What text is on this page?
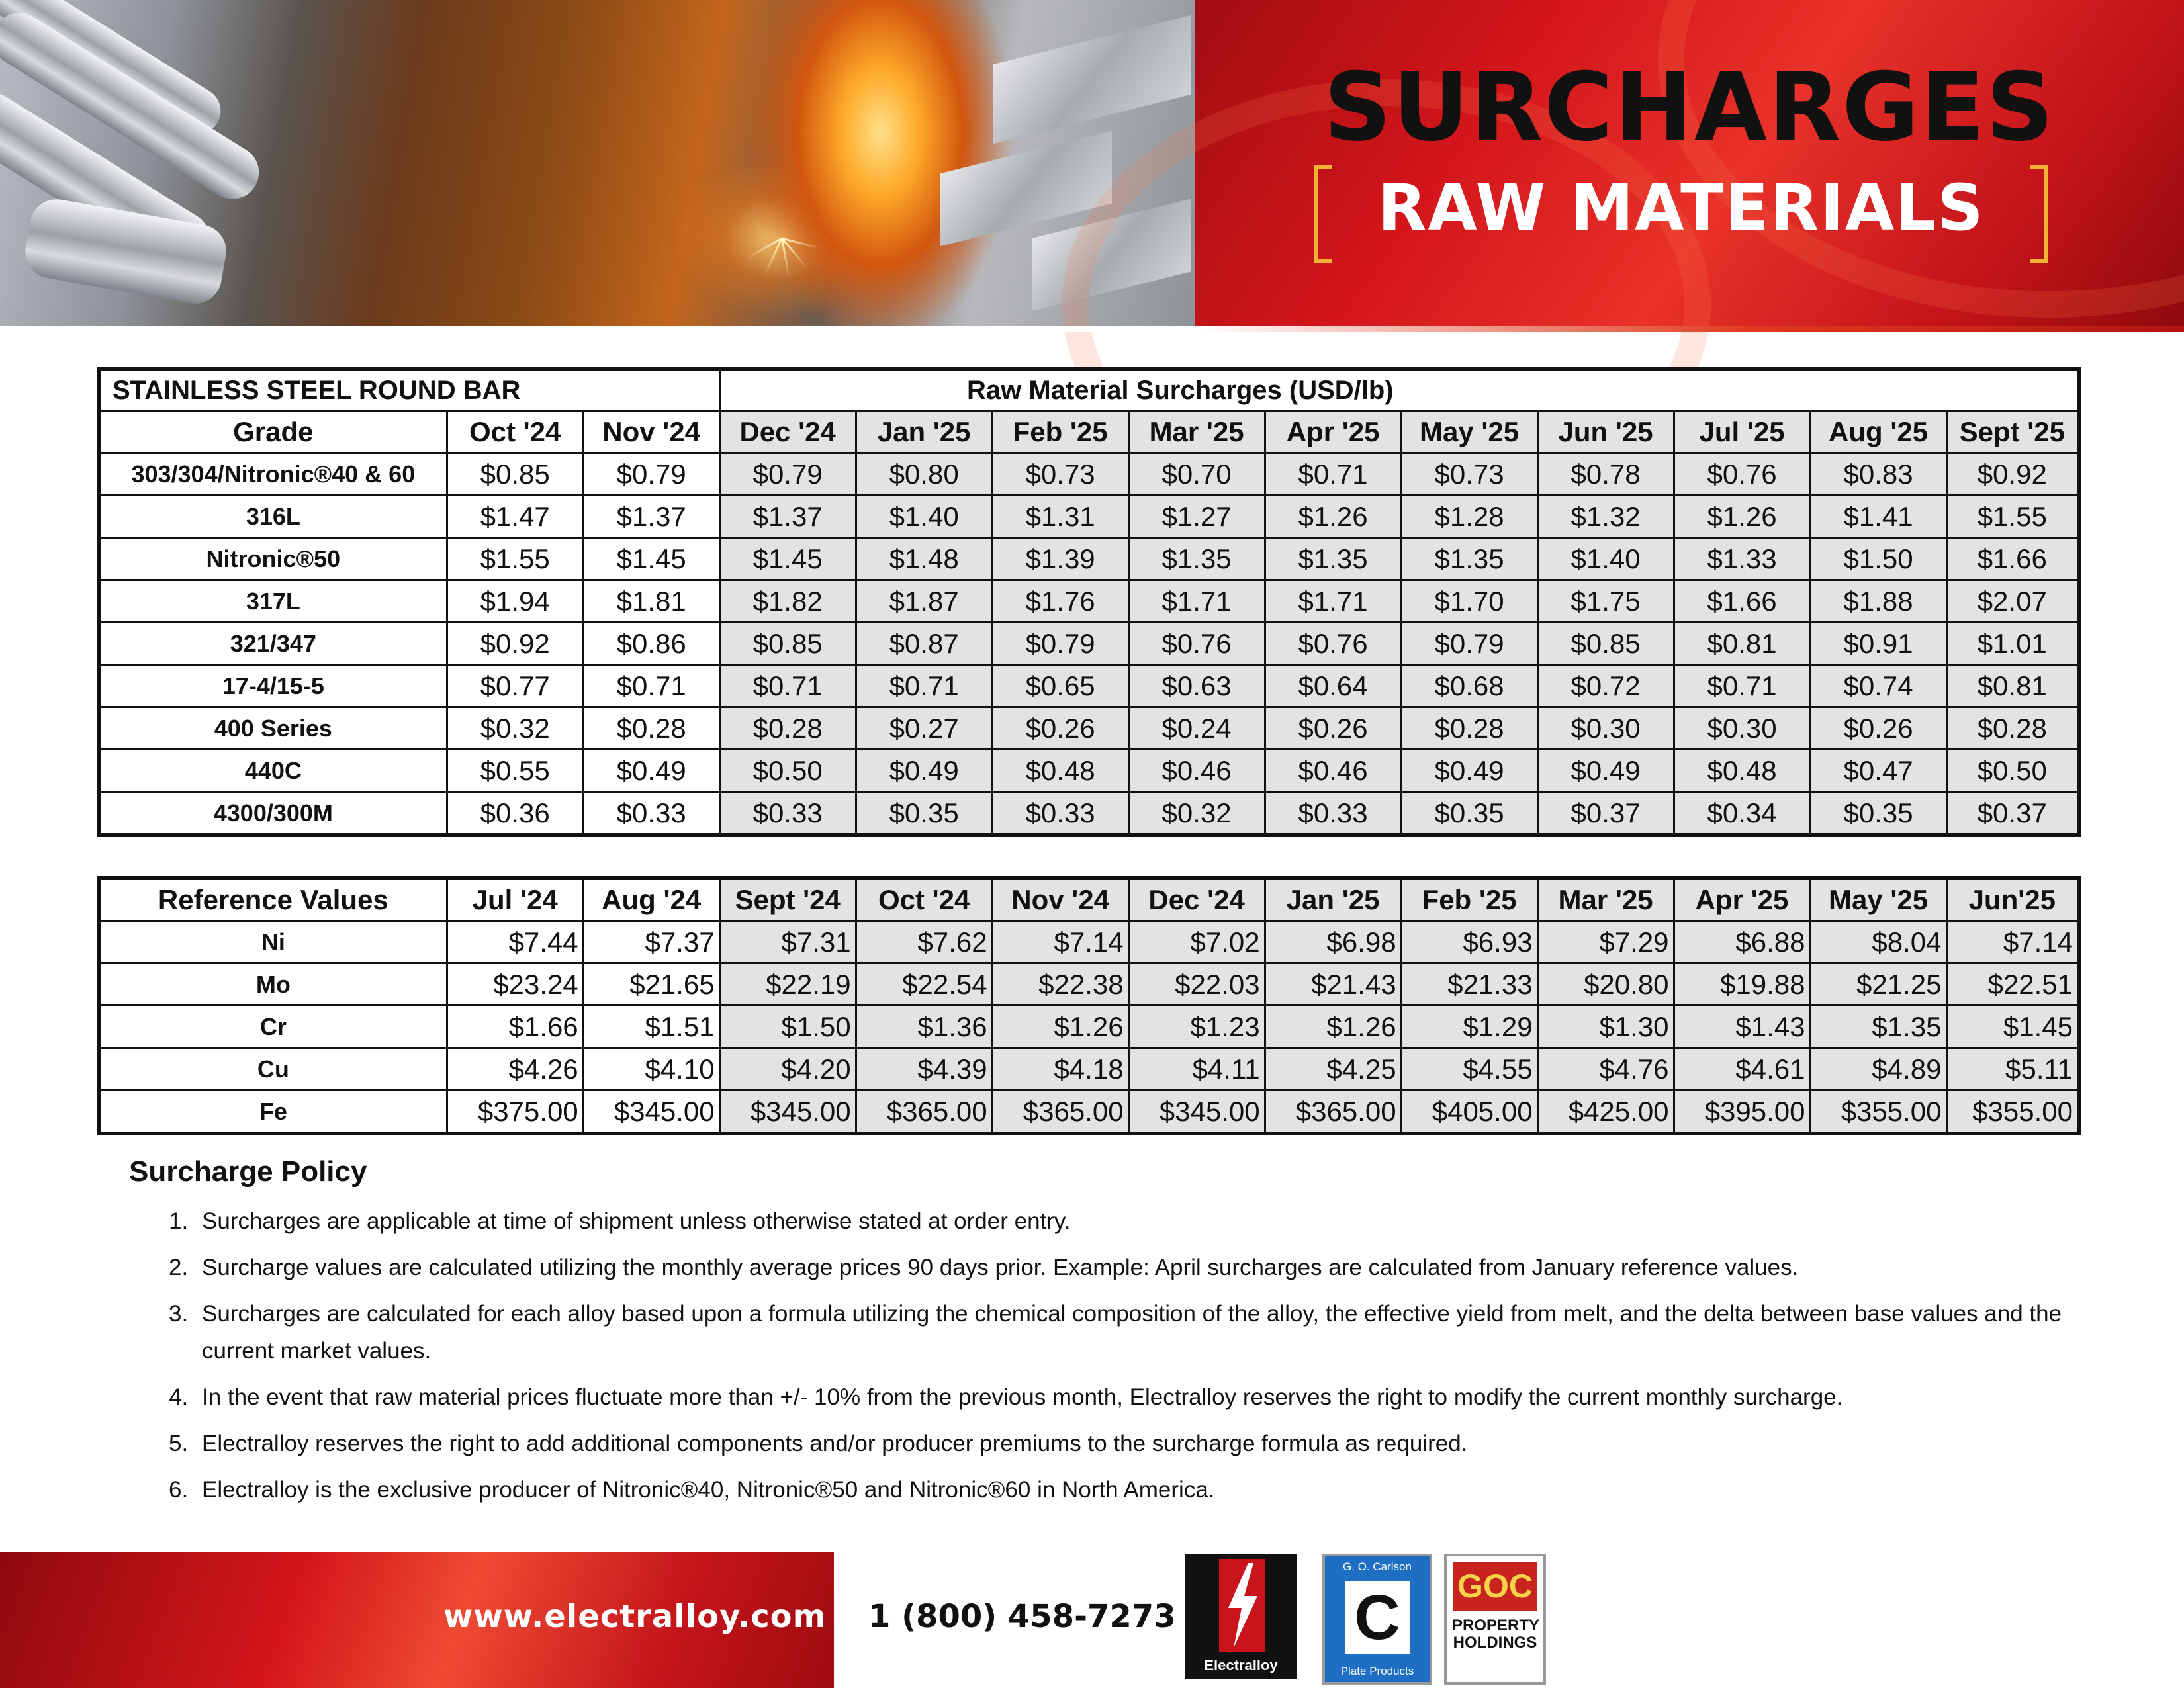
SURCHARGES
RAW MATERIALS
STAINLESS STEEL ROUND BAR			Raw Material Surcharges (USD/lb)									
Grade	Oct '24	Nov '24	Dec '24	Jan '25	Feb '25	Mar '25	Apr '25	May '25	Jun '25	Jul '25	Aug '25	Sept '25
303/304/Nitronic®40 & 60	$0.85	$0.79	$0.79	$0.80	$0.73	$0.70	$0.71	$0.73	$0.78	$0.76	$0.83	$0.92
316L	$1.47	$1.37	$1.37	$1.40	$1.31	$1.27	$1.26	$1.28	$1.32	$1.26	$1.41	$1.55
Nitronic®50	$1.55	$1.45	$1.45	$1.48	$1.39	$1.35	$1.35	$1.35	$1.40	$1.33	$1.50	$1.66
317L	$1.94	$1.81	$1.82	$1.87	$1.76	$1.71	$1.71	$1.70	$1.75	$1.66	$1.88	$2.07
321/347	$0.92	$0.86	$0.85	$0.87	$0.79	$0.76	$0.76	$0.79	$0.85	$0.81	$0.91	$1.01
17-4/15-5	$0.77	$0.71	$0.71	$0.71	$0.65	$0.63	$0.64	$0.68	$0.72	$0.71	$0.74	$0.81
400 Series	$0.32	$0.28	$0.28	$0.27	$0.26	$0.24	$0.26	$0.28	$0.30	$0.30	$0.26	$0.28
440C	$0.55	$0.49	$0.50	$0.49	$0.48	$0.46	$0.46	$0.49	$0.49	$0.48	$0.47	$0.50
4300/300M	$0.36	$0.33	$0.33	$0.35	$0.33	$0.32	$0.33	$0.35	$0.37	$0.34	$0.35	$0.37
Reference Values	Jul '24	Aug '24	Sept '24	Oct '24	Nov '24	Dec '24	Jan '25	Feb '25	Mar '25	Apr '25	May '25	Jun'25
Ni	$7.44	$7.37	$7.31	$7.62	$7.14	$7.02	$6.98	$6.93	$7.29	$6.88	$8.04	$7.14
Mo	$23.24	$21.65	$22.19	$22.54	$22.38	$22.03	$21.43	$21.33	$20.80	$19.88	$21.25	$22.51
Cr	$1.66	$1.51	$1.50	$1.36	$1.26	$1.23	$1.26	$1.29	$1.30	$1.43	$1.35	$1.45
Cu	$4.26	$4.10	$4.20	$4.39	$4.18	$4.11	$4.25	$4.55	$4.76	$4.61	$4.89	$5.11
Fe	$375.00	$345.00	$345.00	$365.00	$365.00	$345.00	$365.00	$405.00	$425.00	$395.00	$355.00	$355.00
Surcharge Policy
1. Surcharges are applicable at time of shipment unless otherwise stated at order entry.
2. Surcharge values are calculated utilizing the monthly average prices 90 days prior. Example: April surcharges are calculated from January reference values.
3. Surcharges are calculated for each alloy based upon a formula utilizing the chemical composition of the alloy, the effective yield from melt, and the delta between base values and the current market values.
4. In the event that raw material prices fluctuate more than +/- 10% from the previous month, Electralloy reserves the right to modify the current monthly surcharge.
5. Electralloy reserves the right to add additional components and/or producer premiums to the surcharge formula as required.
6. Electralloy is the exclusive producer of Nitronic®40, Nitronic®50 and Nitronic®60 in North America.
www.electralloy.com 1 (800) 458-7273
Electralloy
G. O. Carlson
C
Plate Products
GOC
PROPERTY HOLDINGS
